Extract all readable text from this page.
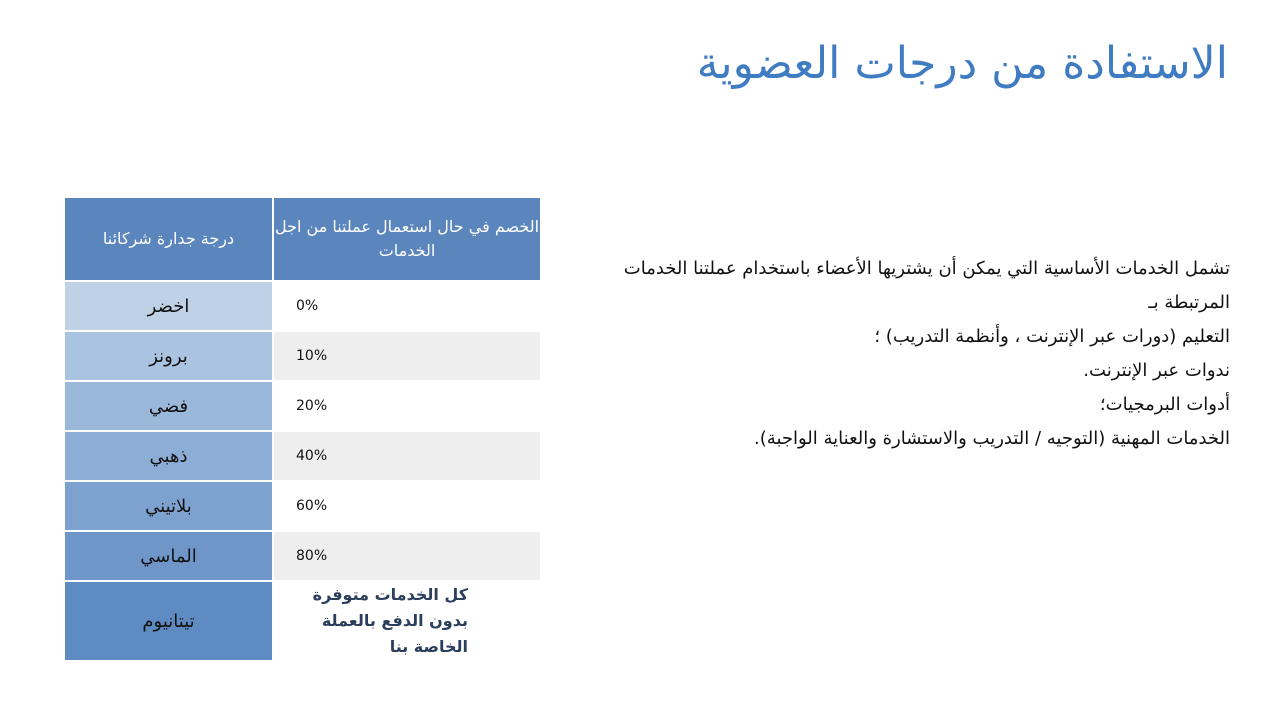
الاستفادة من درجات العضوية
درجة جدارة شركائنا	الخصم في حال استعمال عملتنا من اجل الخدمات
اخضر	0%
برونز	10%
فضي	20%
ذهبي	40%
بلاتيني	60%
الماسي	80%
تيتانيوم	كل الخدمات متوفرة بدون الدفع بالعملة الخاصة بنا

تشمل الخدمات الأساسية التي يمكن أن يشتريها الأعضاء باستخدام عملتنا الخدمات المرتبطة بـ

التعليم (دورات عبر الإنترنت ، وأنظمة التدريب) ؛

ندوات عبر الإنترنت.

أدوات البرمجيات؛

الخدمات المهنية (التوجيه / التدريب والاستشارة والعناية الواجبة).
